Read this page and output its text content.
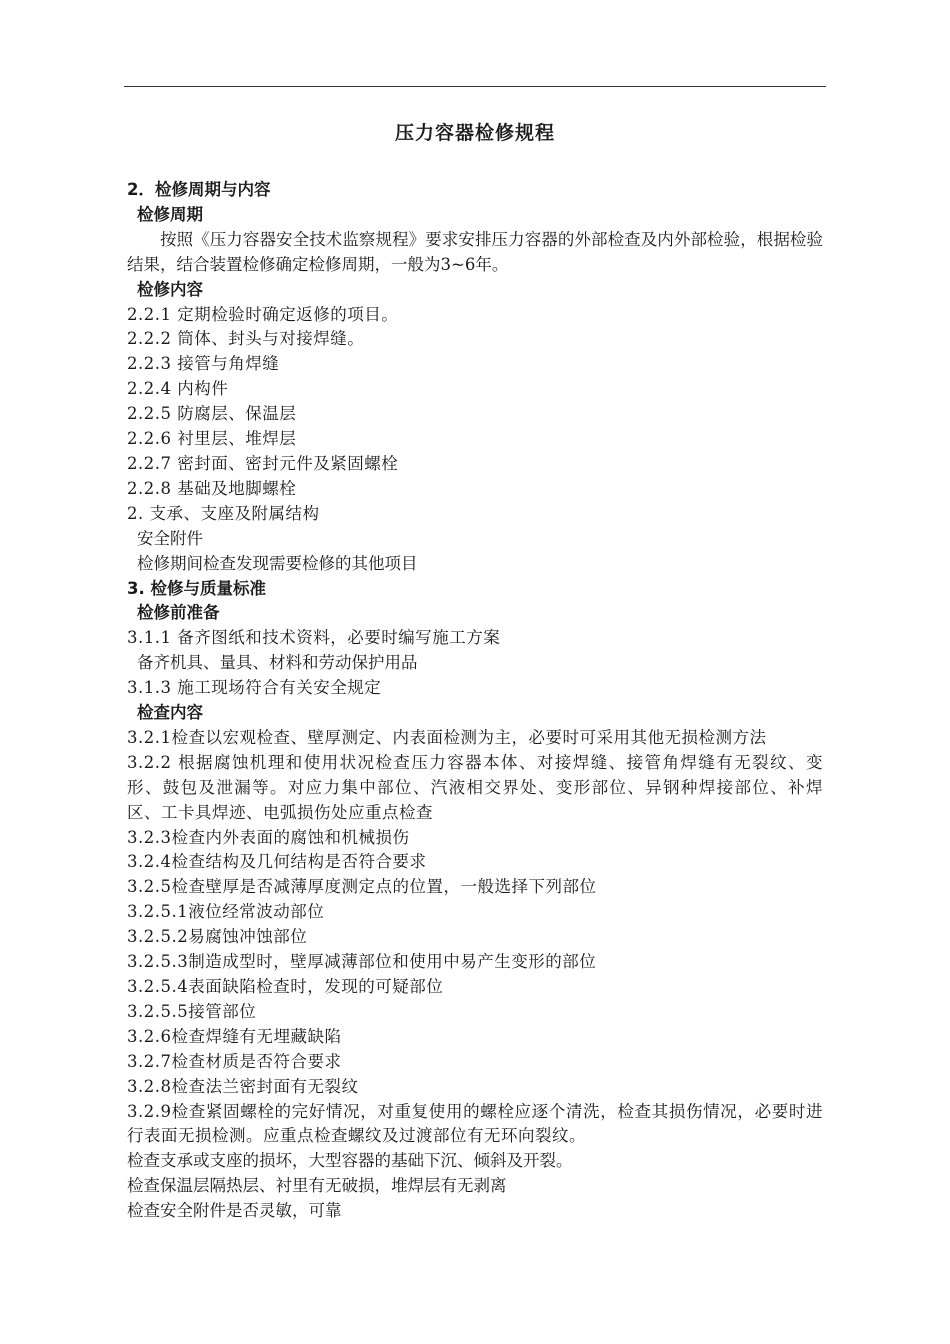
压力容器检修规程
2．检修周期与内容
检修周期
按照《压力容器安全技术监察规程》要求安排压力容器的外部检查及内外部检验，根据检验结果，结合装置检修确定检修周期，一般为3~6年。
检修内容
2.2.1 定期检验时确定返修的项目。
2.2.2 筒体、封头与对接焊缝。
2.2.3 接管与角焊缝
2.2.4 内构件
2.2.5 防腐层、保温层
2.2.6 衬里层、堆焊层
2.2.7 密封面、密封元件及紧固螺栓
2.2.8 基础及地脚螺栓
2. 支承、支座及附属结构
安全附件
检修期间检查发现需要检修的其他项目
3. 检修与质量标准
检修前准备
3.1.1 备齐图纸和技术资料，必要时编写施工方案
备齐机具、量具、材料和劳动保护用品
3.1.3 施工现场符合有关安全规定
检查内容
3.2.1检查以宏观检查、壁厚测定、内表面检测为主，必要时可采用其他无损检测方法
3.2.2 根据腐蚀机理和使用状况检查压力容器本体、对接焊缝、接管角焊缝有无裂纹、变形、鼓包及泄漏等。对应力集中部位、汽液相交界处、变形部位、异钢种焊接部位、补焊区、工卡具焊迹、电弧损伤处应重点检查
3.2.3检查内外表面的腐蚀和机械损伤
3.2.4检查结构及几何结构是否符合要求
3.2.5检查壁厚是否减薄厚度测定点的位置，一般选择下列部位
3.2.5.1液位经常波动部位
3.2.5.2易腐蚀冲蚀部位
3.2.5.3制造成型时，壁厚减薄部位和使用中易产生变形的部位
3.2.5.4表面缺陷检查时，发现的可疑部位
3.2.5.5接管部位
3.2.6检查焊缝有无埋藏缺陷
3.2.7检查材质是否符合要求
3.2.8检查法兰密封面有无裂纹
3.2.9检查紧固螺栓的完好情况，对重复使用的螺栓应逐个清洗，检查其损伤情况，必要时进行表面无损检测。应重点检查螺纹及过渡部位有无环向裂纹。
检查支承或支座的损坏，大型容器的基础下沉、倾斜及开裂。
检查保温层隔热层、衬里有无破损，堆焊层有无剥离
检查安全附件是否灵敏，可靠
